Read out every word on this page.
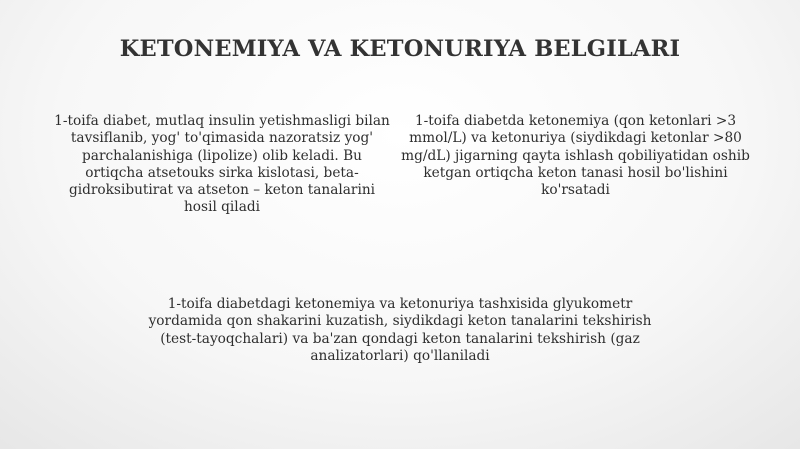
KETONEMIYA VA KETONURIYA BELGILARI

1-toifa diabet, mutlaq insulin yetishmasligi bilan tavsiflanib, yog' to'qimasida nazoratsiz yog' parchalanishiga (lipolize) olib keladi. Bu ortiqcha atsetouks sirka kislotasi, beta-gidroksibutirat va atseton – keton tanalarini hosil qiladi

1-toifa diabetda ketonemiya (qon ketonlari >3 mmol/L) va ketonuriya (siydikdagi ketonlar >80 mg/dL) jigarning qayta ishlash qobiliyatidan oshib ketgan ortiqcha keton tanasi hosil bo'lishini ko'rsatadi

1-toifa diabetdagi ketonemiya va ketonuriya tashxisida glyukometr yordamida qon shakarini kuzatish, siydikdagi keton tanalarini tekshirish (test-tayoqchalari) va ba'zan qondagi keton tanalarini tekshirish (gaz analizatorlari) qo'llaniladi
